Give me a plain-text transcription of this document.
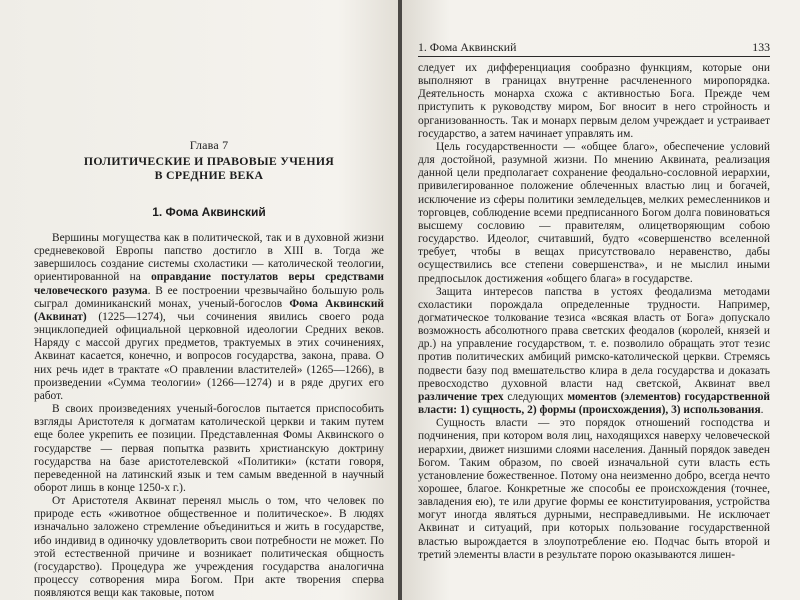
Глава 7
ПОЛИТИЧЕСКИЕ И ПРАВОВЫЕ УЧЕНИЯ В СРЕДНИЕ ВЕКА
1. Фома Аквинский

Вершины могущества как в политической, так и в духовной жизни средневековой Европы папство достигло в XIII в. Тогда же завершилось создание системы схоластики — католической теологии, ориентированной на оправдание постулатов веры средствами человеческого разума. В ее построении чрезвычайно большую роль сыграл доминиканский монах, ученый-богослов Фома Аквинский (Аквинат) (1225—1274), чьи сочинения явились своего рода энциклопедией официальной церковной идеологии Средних веков. Наряду с массой других предметов, трактуемых в этих сочинениях, Аквинат касается, конечно, и вопросов государства, закона, права. О них речь идет в трактате «О правлении властителей» (1265—1266), в произведении «Сумма теологии» (1266—1274) и в ряде других его работ.

В своих произведениях ученый-богослов пытается приспособить взгляды Аристотеля к догматам католической церкви и таким путем еще более укрепить ее позиции. Представленная Фомы Аквинского о государстве — первая попытка развить христианскую доктрину государства на базе аристотелевской «Политики» (кстати говоря, переведенной на латинский язык и тем самым введенной в научный оборот лишь в конце 1250-х г.).

От Аристотеля Аквинат перенял мысль о том, что человек по природе есть «животное общественное и политическое». В людях изначально заложено стремление объединиться и жить в государстве, ибо индивид в одиночку удовлетворить свои потребности не может. По этой естественной причине и возникает политическая общность (государство). Процедура же учреждения государства аналогична процессу сотворения мира Богом. При акте творения сперва появляются вещи как таковые, потом

1. Фома Аквинский	133

следует их дифференциация сообразно функциям, которые они выполняют в границах внутренне расчлененного миропорядка. Деятельность монарха схожа с активностью Бога. Прежде чем приступить к руководству миром, Бог вносит в него стройность и организованность. Так и монарх первым делом учреждает и устраивает государство, а затем начинает управлять им.

Цель государственности — «общее благо», обеспечение условий для достойной, разумной жизни. По мнению Аквината, реализация данной цели предполагает сохранение феодально-сословной иерархии, привилегированное положение облеченных властью лиц и богачей, исключение из сферы политики земледельцев, мелких ремесленников и торговцев, соблюдение всеми предписанного Богом долга повиноваться высшему сословию — правителям, олицетворяющим собою государство. Идеолог, считавший, будто «совершенство вселенной требует, чтобы в вещах присутствовало неравенство, дабы осуществились все степени совершенства», и не мыслил иными предпосылок достижения «общего блага» в государстве.

Защита интересов папства в устоях феодализма методами схоластики порождала определенные трудности. Например, догматическое толкование тезиса «всякая власть от Бога» допускало возможность абсолютного права светских феодалов (королей, князей и др.) на управление государством, т. е. позволило обращать этот тезис против политических амбиций римско-католической церкви. Стремясь подвести базу под вмешательство клира в дела государства и доказать превосходство духовной власти над светской, Аквинат ввел различение трех следующих моментов (элементов) государственной власти: 1) сущность, 2) формы (происхождения), 3) использования.

Сущность власти — это порядок отношений господства и подчинения, при котором воля лиц, находящихся наверху человеческой иерархии, движет низшими слоями населения. Данный порядок заведен Богом. Таким образом, по своей изначальной сути власть есть установление божественное. Потому она неизменно добро, всегда нечто хорошее, благое. Конкретные же способы ее происхождения (точнее, завладения ею), те или другие формы ее конституирования, устройства могут иногда являться дурными, несправедливыми. Не исключает Аквинат и ситуаций, при которых пользование государственной властью вырождается в злоупотребление ею. Подчас быть второй и третий элементы власти в результате порою оказываются лишен-
